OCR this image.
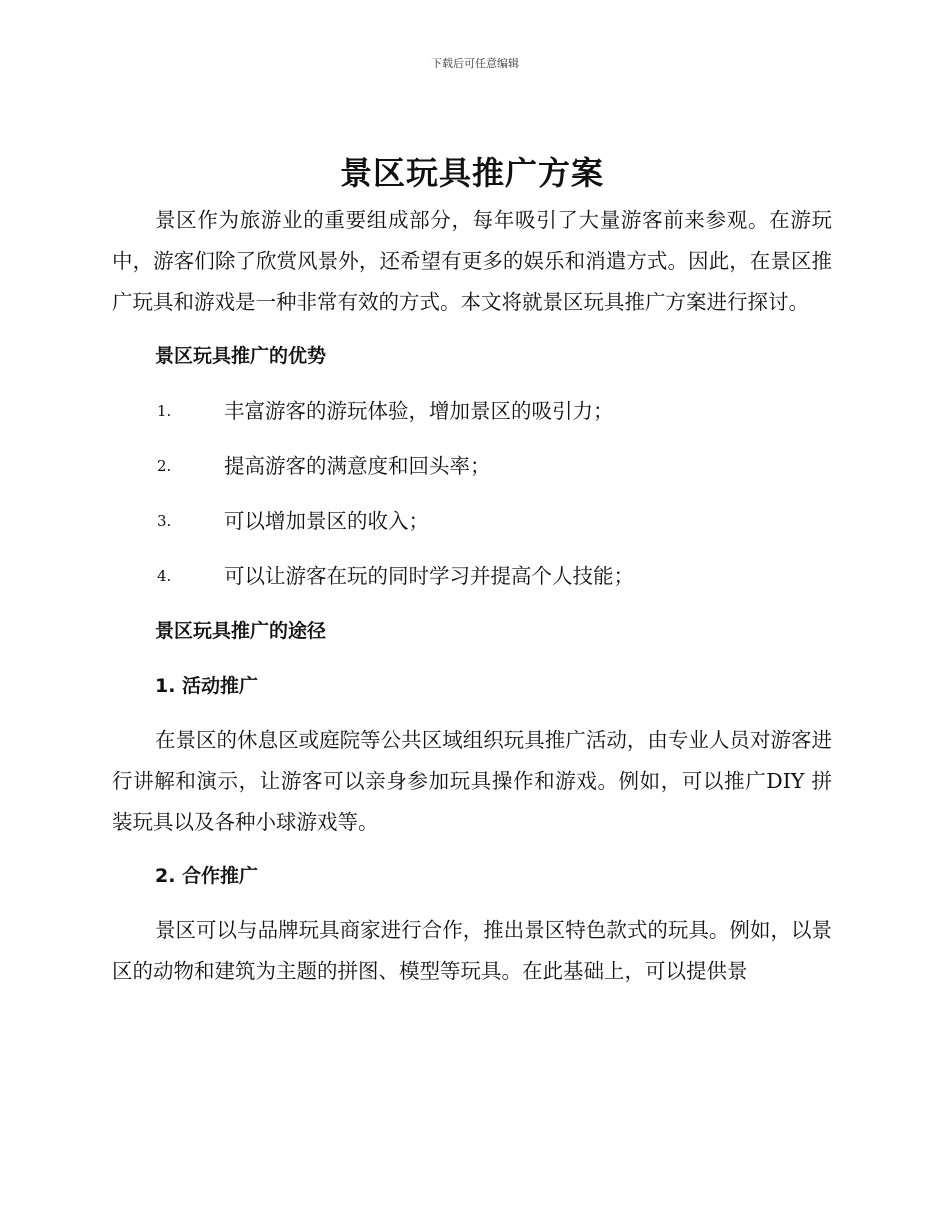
下载后可任意编辑
景区玩具推广方案

景区作为旅游业的重要组成部分，每年吸引了大量游客前来参观。在游玩中，游客们除了欣赏风景外，还希望有更多的娱乐和消遣方式。因此，在景区推广玩具和游戏是一种非常有效的方式。本文将就景区玩具推广方案进行探讨。

景区玩具推广的优势
1.	丰富游客的游玩体验，增加景区的吸引力；
2.	提高游客的满意度和回头率；
3.	可以增加景区的收入；
4.	可以让游客在玩的同时学习并提高个人技能；
景区玩具推广的途径
1. 活动推广

在景区的休息区或庭院等公共区域组织玩具推广活动，由专业人员对游客进行讲解和演示，让游客可以亲身参加玩具操作和游戏。例如，可以推广DIY 拼装玩具以及各种小球游戏等。

2. 合作推广

景区可以与品牌玩具商家进行合作，推出景区特色款式的玩具。例如，以景区的动物和建筑为主题的拼图、模型等玩具。在此基础上，可以提供景
